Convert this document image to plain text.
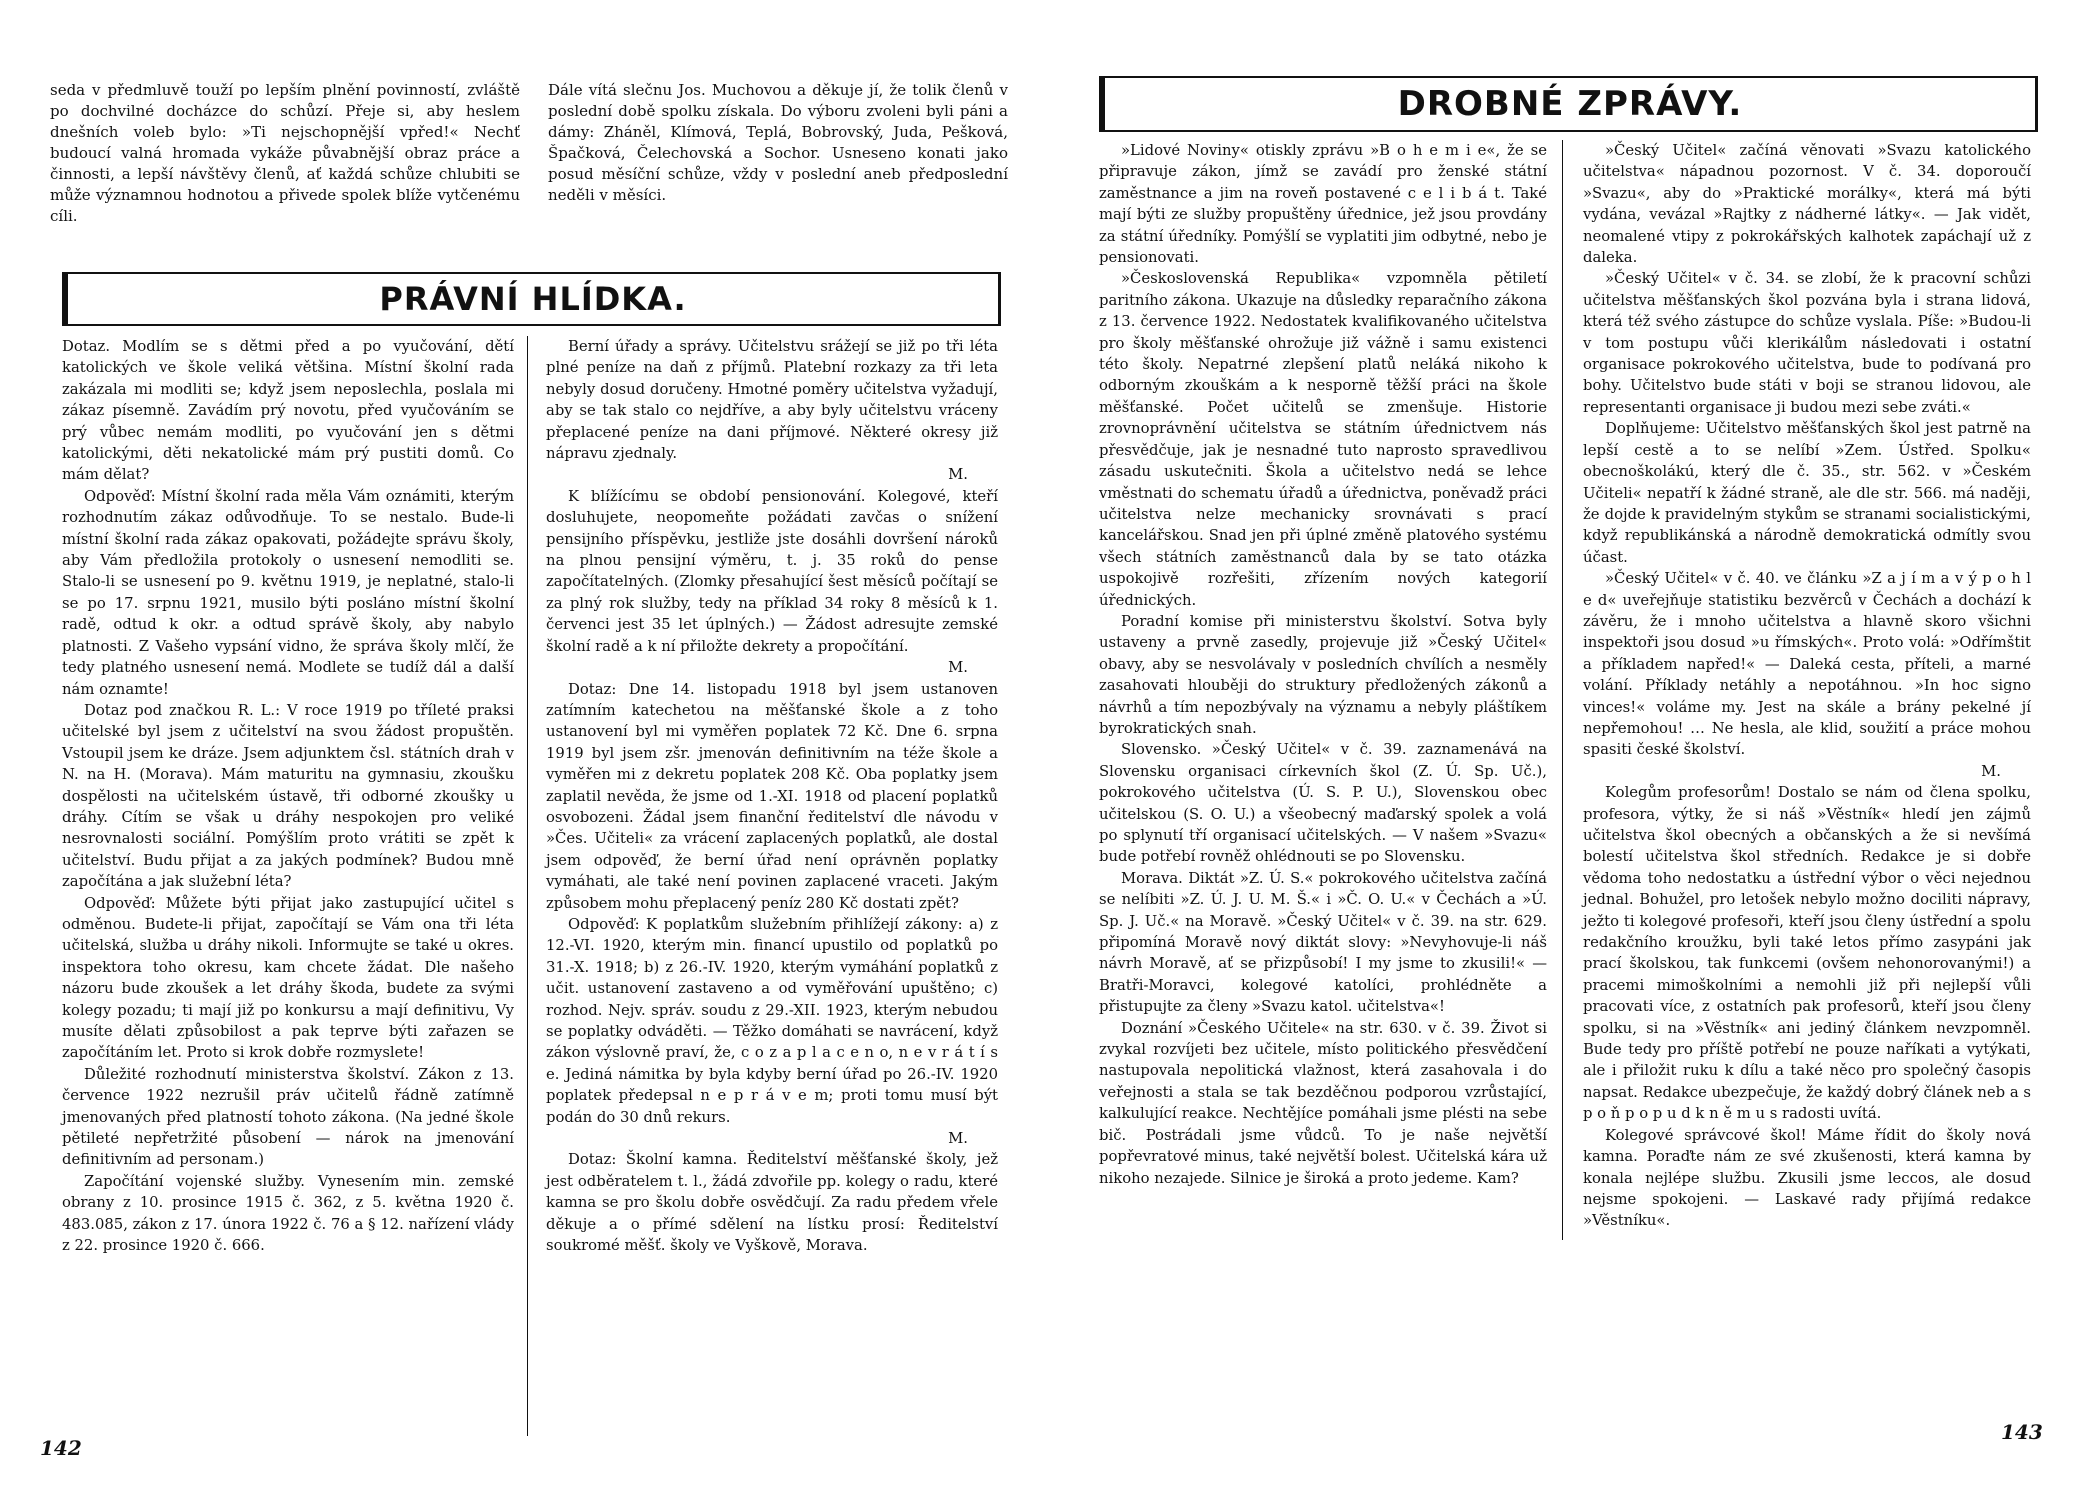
seda v předmluvě touží po lepším plnění povinností, zvláště po dochvilné docházce do schůzí. Přeje si, aby heslem dnešních voleb bylo: »Ti nejschopnější vpřed!« Nechť budoucí valná hromada vykáže půvabnější obraz práce a činnosti, a lepší návštěvy členů, ať každá schůze chlubiti se může významnou hodnotou a přivede spolek blíže vytčenému cíli.

Dále vítá slečnu Jos. Muchovou a děkuje jí, že tolik členů v poslední době spolku získala. Do výboru zvoleni byli páni a dámy: Zháněl, Klímová, Teplá, Bobrovský, Juda, Pešková, Špačková, Čelechovská a Sochor. Usneseno konati jako posud měsíční schůze, vždy v poslední aneb předposlední neděli v měsíci.

PRÁVNÍ HLÍDKA.

Dotaz. Modlím se s dětmi před a po vyučování, dětí katolických ve škole veliká většina. Místní školní rada zakázala mi modliti se; když jsem neposlechla, poslala mi zákaz písemně. Zavádím prý novotu, před vyučováním se prý vůbec nemám modliti, po vyučování jen s dětmi katolickými, děti nekatolické mám prý pustiti domů. Co mám dělat?

Odpověď: Místní školní rada měla Vám oznámiti, kterým rozhodnutím zákaz odůvodňuje. To se nestalo. Bude-li místní školní rada zákaz opakovati, požádejte správu školy, aby Vám předložila protokoly o usnesení nemodliti se. Stalo-li se usnesení po 9. květnu 1919, je neplatné, stalo-li se po 17. srpnu 1921, musilo býti posláno místní školní radě, odtud k okr. a odtud správě školy, aby nabylo platnosti. Z Vašeho vypsání vidno, že správa školy mlčí, že tedy platného usnesení nemá. Modlete se tudíž dál a další nám oznamte!

Dotaz pod značkou R. L.: V roce 1919 po tříleté praksi učitelské byl jsem z učitelství na svou žádost propuštěn. Vstoupil jsem ke dráze. Jsem adjunktem čsl. státních drah v N. na H. (Morava). Mám maturitu na gymnasiu, zkoušku dospělosti na učitelském ústavě, tři odborné zkoušky u dráhy. Cítím se však u dráhy nespokojen pro veliké nesrovnalosti sociální. Pomýšlím proto vrátiti se zpět k učitelství. Budu přijat a za jakých podmínek? Budou mně započítána a jak služební léta?

Odpověď: Můžete býti přijat jako zastupující učitel s odměnou. Budete-li přijat, započítají se Vám ona tři léta učitelská, služba u dráhy nikoli. Informujte se také u okres. inspektora toho okresu, kam chcete žádat. Dle našeho názoru bude zkoušek a let dráhy škoda, budete za svými kolegy pozadu; ti mají již po konkursu a mají definitivu, Vy musíte dělati způsobilost a pak teprve býti zařazen se započítáním let. Proto si krok dobře rozmyslete!

Důležité rozhodnutí ministerstva školství. Zákon z 13. července 1922 nezrušil práv učitelů řádně zatímně jmenovaných před platností tohoto zákona. (Na jedné škole pětileté nepřetržité působení — nárok na jmenování definitivním ad personam.)

Započítání vojenské služby. Vynesením min. zemské obrany z 10. prosince 1915 č. 362, z 5. května 1920 č. 483.085, zákon z 17. února 1922 č. 76 a § 12. nařízení vlády z 22. prosince 1920 č. 666.

Berní úřady a správy. Učitelstvu srážejí se již po tři léta plné peníze na daň z příjmů. Platební rozkazy za tři leta nebyly dosud doručeny. Hmotné poměry učitelstva vyžadují, aby se tak stalo co nejdříve, a aby byly učitelstvu vráceny přeplacené peníze na dani příjmové. Některé okresy již nápravu zjednaly.

M.

K blížícímu se období pensionování. Kolegové, kteří dosluhujete, neopomeňte požádati zavčas o snížení pensijního příspěvku, jestliže jste dosáhli dovršení nároků na plnou pensijní výměru, t. j. 35 roků do pense započítatelných. (Zlomky přesahující šest měsíců počítají se za plný rok služby, tedy na příklad 34 roky 8 měsíců k 1. červenci jest 35 let úplných.) — Žádost adresujte zemské školní radě a k ní přiložte dekrety a propočítání.

M.

Dotaz: Dne 14. listopadu 1918 byl jsem ustanoven zatímním katechetou na měšťanské škole a z toho ustanovení byl mi vyměřen poplatek 72 Kč. Dne 6. srpna 1919 byl jsem zšr. jmenován definitivním na téže škole a vyměřen mi z dekretu poplatek 208 Kč. Oba poplatky jsem zaplatil nevěda, že jsme od 1.-XI. 1918 od placení poplatků osvobozeni. Žádal jsem finanční ředitelství dle návodu v »Čes. Učiteli« za vrácení zaplacených poplatků, ale dostal jsem odpověď, že berní úřad není oprávněn poplatky vymáhati, ale také není povinen zaplacené vraceti. Jakým způsobem mohu přeplacený peníz 280 Kč dostati zpět?

Odpověď: K poplatkům služebním přihlížejí zákony: a) z 12.-VI. 1920, kterým min. financí upustilo od poplatků po 31.-X. 1918; b) z 26.-IV. 1920, kterým vymáhání poplatků z učit. ustanovení zastaveno a od vyměřování upuštěno; c) rozhod. Nejv. správ. soudu z 29.-XII. 1923, kterým nebudou se poplatky odváděti. — Těžko domáhati se navrácení, když zákon výslovně praví, že, c o z a p l a c e n o, n e v r á t í s e. Jediná námitka by byla kdyby berní úřad po 26.-IV. 1920 poplatek předepsal n e p r á v e m; proti tomu musí být podán do 30 dnů rekurs.

M.

Dotaz: Školní kamna. Ředitelství měšťanské školy, jež jest odběratelem t. l., žádá zdvořile pp. kolegy o radu, které kamna se pro školu dobře osvědčují. Za radu předem vřele děkuje a o přímé sdělení na lístku prosí: Ředitelství soukromé měšť. školy ve Vyškově, Morava.

142
DROBNÉ ZPRÁVY.

»Lidové Noviny« otiskly zprávu »B o h e m i e«, že se připravuje zákon, jímž se zavádí pro ženské státní zaměstnance a jim na roveň postavené c e l i b á t. Také mají býti ze služby propuštěny úřednice, jež jsou provdány za státní úředníky. Pomýšlí se vyplatiti jim odbytné, nebo je pensionovati.

»Československá Republika« vzpomněla pětiletí paritního zákona. Ukazuje na důsledky reparačního zákona z 13. července 1922. Nedostatek kvalifikovaného učitelstva pro školy měšťanské ohrožuje již vážně i samu existenci této školy. Nepatrné zlepšení platů neláká nikoho k odborným zkouškám a k nesporně těžší práci na škole měšťanské. Počet učitelů se zmenšuje. Historie zrovnoprávnění učitelstva se státním úřednictvem nás přesvědčuje, jak je nesnadné tuto naprosto spravedlivou zásadu uskutečniti. Škola a učitelstvo nedá se lehce vměstnati do schematu úřadů a úřednictva, poněvadž práci učitelstva nelze mechanicky srovnávati s prací kancelářskou. Snad jen při úplné změně platového systému všech státních zaměstnanců dala by se tato otázka uspokojivě rozřešiti, zřízením nových kategorií úřednických.

Poradní komise při ministerstvu školství. Sotva byly ustaveny a prvně zasedly, projevuje již »Český Učitel« obavy, aby se nesvolávaly v posledních chvílích a nesměly zasahovati hlouběji do struktury předložených zákonů a návrhů a tím nepozbývaly na významu a nebyly pláštíkem byrokratických snah.

Slovensko. »Český Učitel« v č. 39. zaznamenává na Slovensku organisaci církevních škol (Z. Ú. Sp. Uč.), pokrokového učitelstva (Ú. S. P. U.), Slovenskou obec učitelskou (S. O. U.) a všeobecný maďarský spolek a volá po splynutí tří organisací učitelských. — V našem »Svazu« bude potřebí rovněž ohlédnouti se po Slovensku.

Morava. Diktát »Z. Ú. S.« pokrokového učitelstva začíná se nelíbiti »Z. Ú. J. U. M. Š.« i »Č. O. U.« v Čechách a »Ú. Sp. J. Uč.« na Moravě. »Český Učitel« v č. 39. na str. 629. připomíná Moravě nový diktát slovy: »Nevyhovuje-li náš návrh Moravě, ať se přizpůsobí! I my jsme to zkusili!« — Bratři-Moravci, kolegové katolíci, prohlédněte a přistupujte za členy »Svazu katol. učitelstva«!

Doznání »Českého Učitele« na str. 630. v č. 39. Život si zvykal rozvíjeti bez učitele, místo politického přesvědčení nastupovala nepolitická vlažnost, která zasahovala i do veřejnosti a stala se tak bezděčnou podporou vzrůstající, kalkulující reakce. Nechtějíce pomáhali jsme plésti na sebe bič. Postrádali jsme vůdců. To je naše největší popřevratové minus, také největší bolest. Učitelská kára už nikoho nezajede. Silnice je široká a proto jedeme. Kam?

»Český Učitel« začíná věnovati »Svazu katolického učitelstva« nápadnou pozornost. V č. 34. doporoučí »Svazu«, aby do »Praktické morálky«, která má býti vydána, vevázal »Rajtky z nádherné látky«. — Jak vidět, neomalené vtipy z pokrokářských kalhotek zapáchají už z daleka.

»Český Učitel« v č. 34. se zlobí, že k pracovní schůzi učitelstva měšťanských škol pozvána byla i strana lidová, která též svého zástupce do schůze vyslala. Píše: »Budou-li v tom postupu vůči klerikálům následovati i ostatní organisace pokrokového učitelstva, bude to podívaná pro bohy. Učitelstvo bude státi v boji se stranou lidovou, ale representanti organisace ji budou mezi sebe zváti.«

Doplňujeme: Učitelstvo měšťanských škol jest patrně na lepší cestě a to se nelíbí »Zem. Ústřed. Spolku« obecnoškolákú, který dle č. 35., str. 562. v »Českém Učiteli« nepatří k žádné straně, ale dle str. 566. má naději, že dojde k pravidelným stykům se stranami socialistickými, když republikánská a národně demokratická odmítly svou účast.

»Český Učitel« v č. 40. ve článku »Z a j í m a v ý p o h l e d« uveřejňuje statistiku bezvěrců v Čechách a dochází k závěru, že i mnoho učitelstva a hlavně skoro všichni inspektoři jsou dosud »u římských«. Proto volá: »Odřímštit a příkladem napřed!« — Daleká cesta, příteli, a marné volání. Příklady netáhly a nepotáhnou. »In hoc signo vinces!« voláme my. Jest na skále a brány pekelné jí nepřemohou! … Ne hesla, ale klid, soužití a práce mohou spasiti české školství.

M.

Kolegům profesorům! Dostalo se nám od člena spolku, profesora, výtky, že si náš »Věstník« hledí jen zájmů učitelstva škol obecných a občanských a že si nevšímá bolestí učitelstva škol středních. Redakce je si dobře vědoma toho nedostatku a ústřední výbor o věci nejednou jednal. Bohužel, pro letošek nebylo možno dociliti nápravy, ježto ti kolegové profesoři, kteří jsou členy ústřední a spolu redakčního kroužku, byli také letos přímo zasypáni jak prací školskou, tak funkcemi (ovšem nehonorovanými!) a pracemi mimoškolními a nemohli již při nejlepší vůli pracovati více, z ostatních pak profesorů, kteří jsou členy spolku, si na »Věstník« ani jediný článkem nevzpomněl. Bude tedy pro příště potřebí ne pouze naříkati a vytýkati, ale i přiložit ruku k dílu a také něco pro společný časopis napsat. Redakce ubezpečuje, že každý dobrý článek neb a s p o ň p o p u d k n ě m u s radosti uvítá.

Kolegové správcové škol! Máme řídit do školy nová kamna. Poraďte nám ze své zkušenosti, která kamna by konala nejlépe službu. Zkusili jsme leccos, ale dosud nejsme spokojeni. — Laskavé rady přijímá redakce »Věstníku«.

143
